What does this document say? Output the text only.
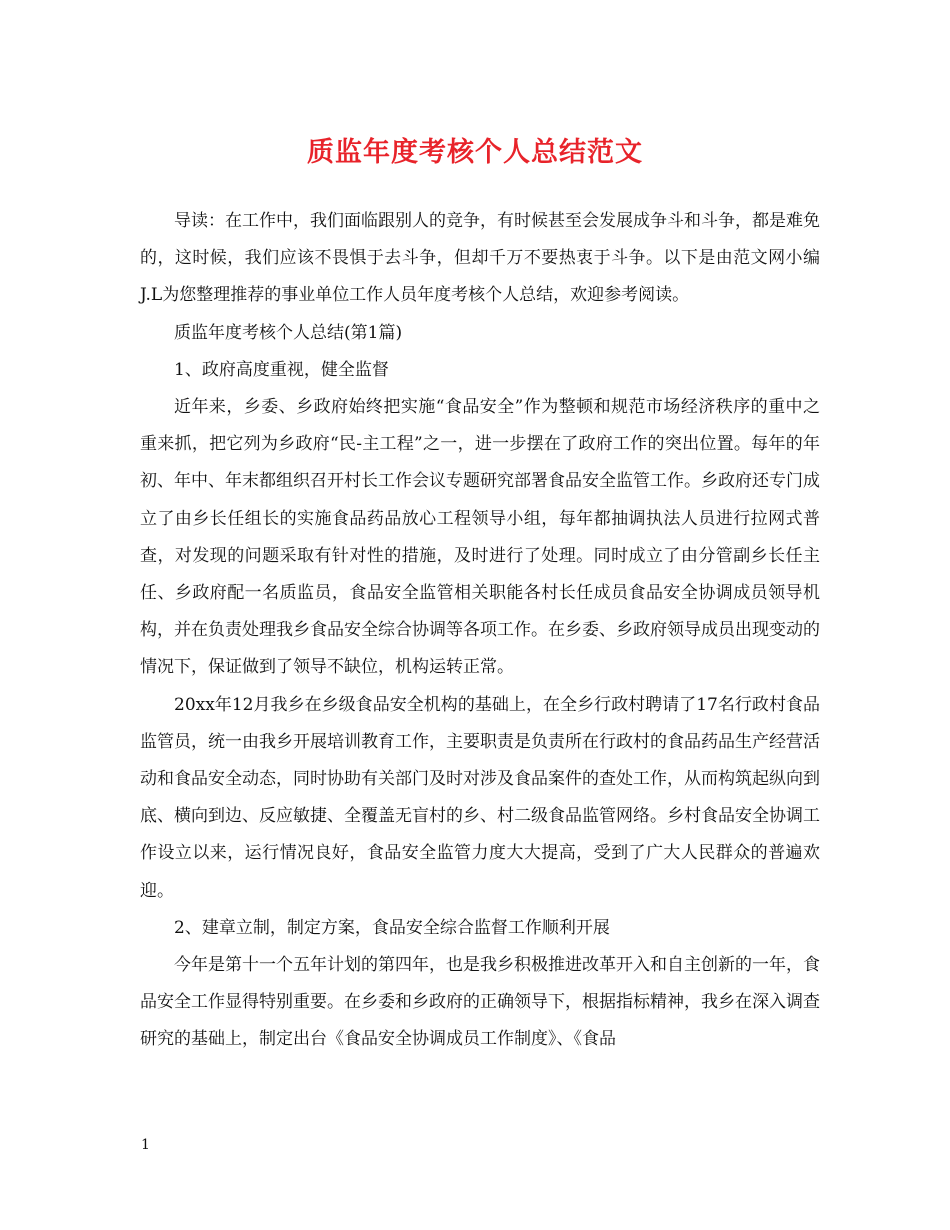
质监年度考核个人总结范文

导读：在工作中，我们面临跟别人的竞争，有时候甚至会发展成争斗和斗争，都是难免的，这时候，我们应该不畏惧于去斗争，但却千万不要热衷于斗争。以下是由范文网小编J.L为您整理推荐的事业单位工作人员年度考核个人总结，欢迎参考阅读。

质监年度考核个人总结(第1篇)

1、政府高度重视，健全监督

近年来，乡委、乡政府始终把实施“食品安全”作为整顿和规范市场经济秩序的重中之重来抓，把它列为乡政府“民-主工程”之一，进一步摆在了政府工作的突出位置。每年的年初、年中、年末都组织召开村长工作会议专题研究部署食品安全监管工作。乡政府还专门成立了由乡长任组长的实施食品药品放心工程领导小组，每年都抽调执法人员进行拉网式普查，对发现的问题采取有针对性的措施，及时进行了处理。同时成立了由分管副乡长任主任、乡政府配一名质监员，食品安全监管相关职能各村长任成员食品安全协调成员领导机构，并在负责处理我乡食品安全综合协调等各项工作。在乡委、乡政府领导成员出现变动的情况下，保证做到了领导不缺位，机构运转正常。

20xx年12月我乡在乡级食品安全机构的基础上，在全乡行政村聘请了17名行政村食品监管员，统一由我乡开展培训教育工作，主要职责是负责所在行政村的食品药品生产经营活动和食品安全动态，同时协助有关部门及时对涉及食品案件的查处工作，从而构筑起纵向到底、横向到边、反应敏捷、全覆盖无盲村的乡、村二级食品监管网络。乡村食品安全协调工作设立以来，运行情况良好，食品安全监管力度大大提高，受到了广大人民群众的普遍欢迎。

2、建章立制，制定方案，食品安全综合监督工作顺利开展

今年是第十一个五年计划的第四年，也是我乡积极推进改革开入和自主创新的一年，食品安全工作显得特别重要。在乡委和乡政府的正确领导下，根据指标精神，我乡在深入调查研究的基础上，制定出台《食品安全协调成员工作制度》、《食品

1
